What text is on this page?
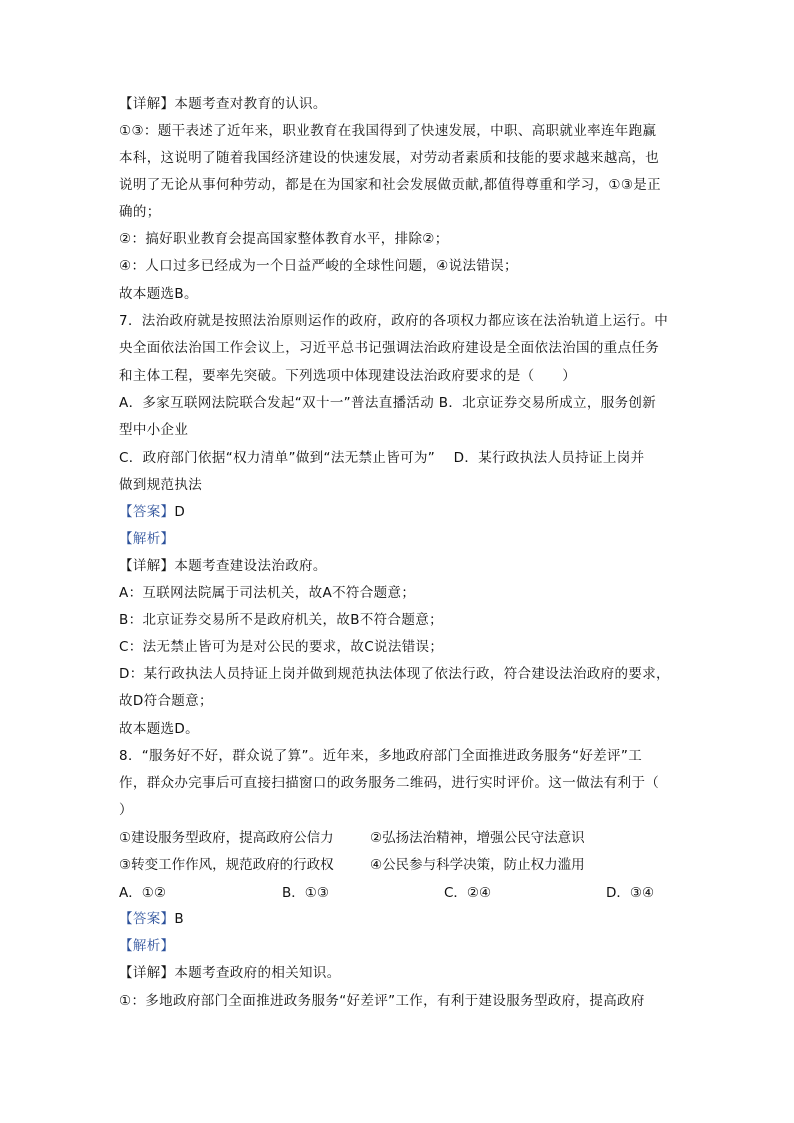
【详解】本题考查对教育的认识。
①③：题干表述了近年来，职业教育在我国得到了快速发展，中职、高职就业率连年跑赢
本科，这说明了随着我国经济建设的快速发展，对劳动者素质和技能的要求越来越高，也
说明了无论从事何种劳动，都是在为国家和社会发展做贡献,都值得尊重和学习，①③是正
确的；
②：搞好职业教育会提高国家整体教育水平，排除②；
④：人口过多已经成为一个日益严峻的全球性问题，④说法错误；
故本题选B。
7．法治政府就是按照法治原则运作的政府，政府的各项权力都应该在法治轨道上运行。中
央全面依法治国工作会议上，习近平总书记强调法治政府建设是全面依法治国的重点任务
和主体工程，要率先突破。下列选项中体现建设法治政府要求的是（　　）
A．多家互联网法院联合发起“双十一”普法直播活动 B．北京证券交易所成立，服务创新
型中小企业
C．政府部门依据“权力清单”做到“法无禁止皆可为”　 D．某行政执法人员持证上岗并
做到规范执法
【答案】D
【解析】
【详解】本题考查建设法治政府。
A：互联网法院属于司法机关，故A不符合题意；
B：北京证券交易所不是政府机关，故B不符合题意；
C：法无禁止皆可为是对公民的要求，故C说法错误；
D：某行政执法人员持证上岗并做到规范执法体现了依法行政，符合建设法治政府的要求，
故D符合题意；
故本题选D。
8．“服务好不好，群众说了算”。近年来，多地政府部门全面推进政务服务“好差评”工
作，群众办完事后可直接扫描窗口的政务服务二维码，进行实时评价。这一做法有利于（
）
①建设服务型政府，提高政府公信力	②弘扬法治精神，增强公民守法意识
③转变工作作风，规范政府的行政权	④公民参与科学决策，防止权力滥用
A．①②	B．①③	C．②④	D．③④
【答案】B
【解析】
【详解】本题考查政府的相关知识。
①：多地政府部门全面推进政务服务“好差评”工作，有利于建设服务型政府，提高政府
